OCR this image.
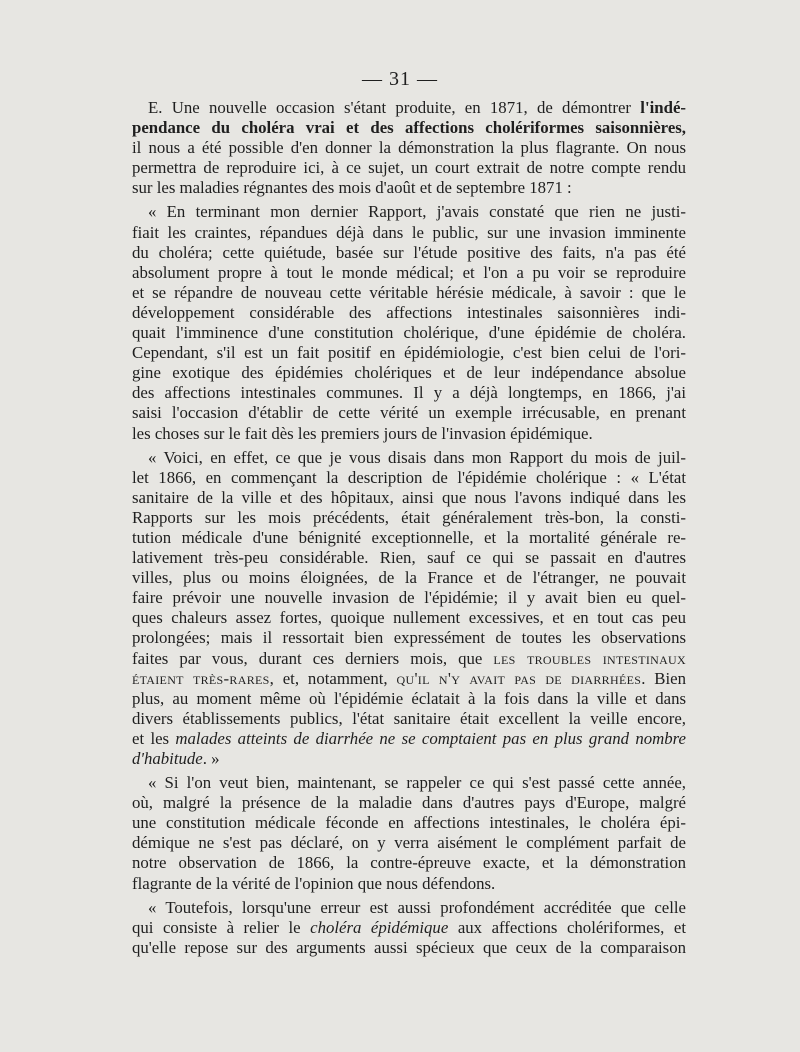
— 31 —
E. Une nouvelle occasion s'étant produite, en 1871, de démontrer l'indé-
pendance du choléra vrai et des affections cholériformes saisonnières,
il nous a été possible d'en donner la démonstration la plus flagrante. On nous
permettra de reproduire ici, à ce sujet, un court extrait de notre compte rendu
sur les maladies régnantes des mois d'août et de septembre 1871 :
« En terminant mon dernier Rapport, j'avais constaté que rien ne justi-
fiait les craintes, répandues déjà dans le public, sur une invasion imminente
du choléra; cette quiétude, basée sur l'étude positive des faits, n'a pas été
absolument propre à tout le monde médical; et l'on a pu voir se reproduire
et se répandre de nouveau cette véritable hérésie médicale, à savoir : que le
développement considérable des affections intestinales saisonnières indi-
quait l'imminence d'une constitution cholérique, d'une épidémie de choléra.
Cependant, s'il est un fait positif en épidémiologie, c'est bien celui de l'ori-
gine exotique des épidémies cholériques et de leur indépendance absolue
des affections intestinales communes. Il y a déjà longtemps, en 1866, j'ai
saisi l'occasion d'établir de cette vérité un exemple irrécusable, en prenant
les choses sur le fait dès les premiers jours de l'invasion épidémique.
« Voici, en effet, ce que je vous disais dans mon Rapport du mois de juil-
let 1866, en commençant la description de l'épidémie cholérique : « L'état
sanitaire de la ville et des hôpitaux, ainsi que nous l'avons indiqué dans les
Rapports sur les mois précédents, était généralement très-bon, la consti-
tution médicale d'une bénignité exceptionnelle, et la mortalité générale re-
lativement très-peu considérable. Rien, sauf ce qui se passait en d'autres
villes, plus ou moins éloignées, de la France et de l'étranger, ne pouvait
faire prévoir une nouvelle invasion de l'épidémie; il y avait bien eu quel-
ques chaleurs assez fortes, quoique nullement excessives, et en tout cas peu
prolongées; mais il ressortait bien expressément de toutes les observations
faites par vous, durant ces derniers mois, que les troubles intestinaux
étaient très-rares, et, notamment, qu'il n'y avait pas de diarrhées. Bien
plus, au moment même où l'épidémie éclatait à la fois dans la ville et dans
divers établissements publics, l'état sanitaire était excellent la veille encore,
et les malades atteints de diarrhée ne se comptaient pas en plus grand nombre
d'habitude. »
« Si l'on veut bien, maintenant, se rappeler ce qui s'est passé cette année,
où, malgré la présence de la maladie dans d'autres pays d'Europe, malgré
une constitution médicale féconde en affections intestinales, le choléra épi-
démique ne s'est pas déclaré, on y verra aisément le complément parfait de
notre observation de 1866, la contre-épreuve exacte, et la démonstration
flagrante de la vérité de l'opinion que nous défendons.
« Toutefois, lorsqu'une erreur est aussi profondément accréditée que celle
qui consiste à relier le choléra épidémique aux affections cholériformes, et
qu'elle repose sur des arguments aussi spécieux que ceux de la comparaison
